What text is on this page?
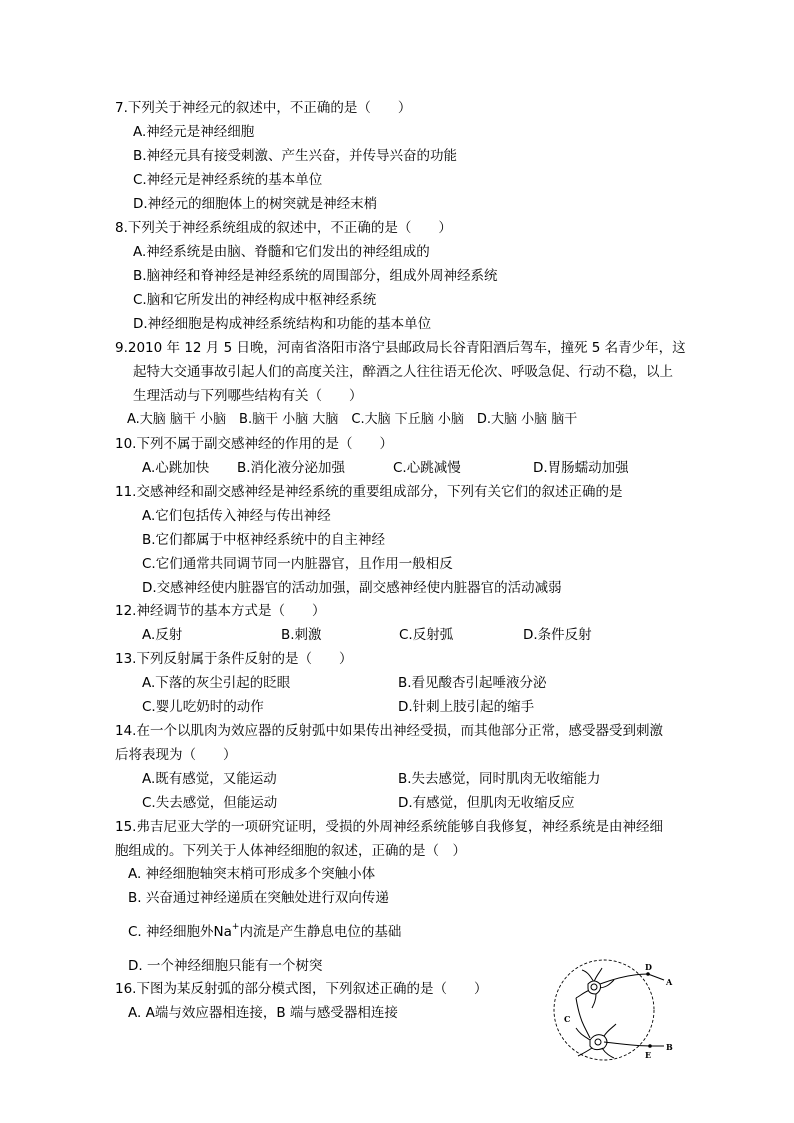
7.下列关于神经元的叙述中，不正确的是（　　）
A.神经元是神经细胞
B.神经元具有接受刺激、产生兴奋，并传导兴奋的功能
C.神经元是神经系统的基本单位
D.神经元的细胞体上的树突就是神经末梢
8.下列关于神经系统组成的叙述中，不正确的是（　　）
A.神经系统是由脑、脊髓和它们发出的神经组成的
B.脑神经和脊神经是神经系统的周围部分，组成外周神经系统
C.脑和它所发出的神经构成中枢神经系统
D.神经细胞是构成神经系统结构和功能的基本单位
9.2010 年 12 月 5 日晚，河南省洛阳市洛宁县邮政局长谷青阳酒后驾车，撞死 5 名青少年，这
起特大交通事故引起人们的高度关注，醉酒之人往往语无伦次、呼吸急促、行动不稳，以上
生理活动与下列哪些结构有关（　　）
A.大脑 脑干 小脑　B.脑干 小脑 大脑　C.大脑 下丘脑 小脑　D.大脑 小脑 脑干
10.下列不属于副交感神经的作用的是（　　）
A.心跳加快 B.消化液分泌加强	C.心跳减慢	D.胃肠蠕动加强
11.交感神经和副交感神经是神经系统的重要组成部分，下列有关它们的叙述正确的是
A.它们包括传入神经与传出神经
B.它们都属于中枢神经系统中的自主神经
C.它们通常共同调节同一内脏器官，且作用一般相反
D.交感神经使内脏器官的活动加强，副交感神经使内脏器官的活动减弱
12.神经调节的基本方式是（　　）
A.反射	B.刺激	C.反射弧	D.条件反射
13.下列反射属于条件反射的是（　　）
A.下落的灰尘引起的眨眼	B.看见酸杏引起唾液分泌
C.婴儿吃奶时的动作	D.针刺上肢引起的缩手
14.在一个以肌肉为效应器的反射弧中如果传出神经受损，而其他部分正常，感受器受到刺激
后将表现为（　　）
A.既有感觉，又能运动	B.失去感觉，同时肌肉无收缩能力
C.失去感觉，但能运动	D.有感觉，但肌肉无收缩反应
15.弗吉尼亚大学的一项研究证明，受损的外周神经系统能够自我修复，神经系统是由神经细
胞组成的。下列关于人体神经细胞的叙述，正确的是（　）
A. 神经细胞轴突末梢可形成多个突触小体
B. 兴奋通过神经递质在突触处进行双向传递
C. 神经细胞外Na+内流是产生静息电位的基础
D. 一个神经细胞只能有一个树突
16.下图为某反射弧的部分模式图，下列叙述正确的是（　　）
A. A端与效应器相连接，B 端与感受器相连接
D
A
C
B
E
